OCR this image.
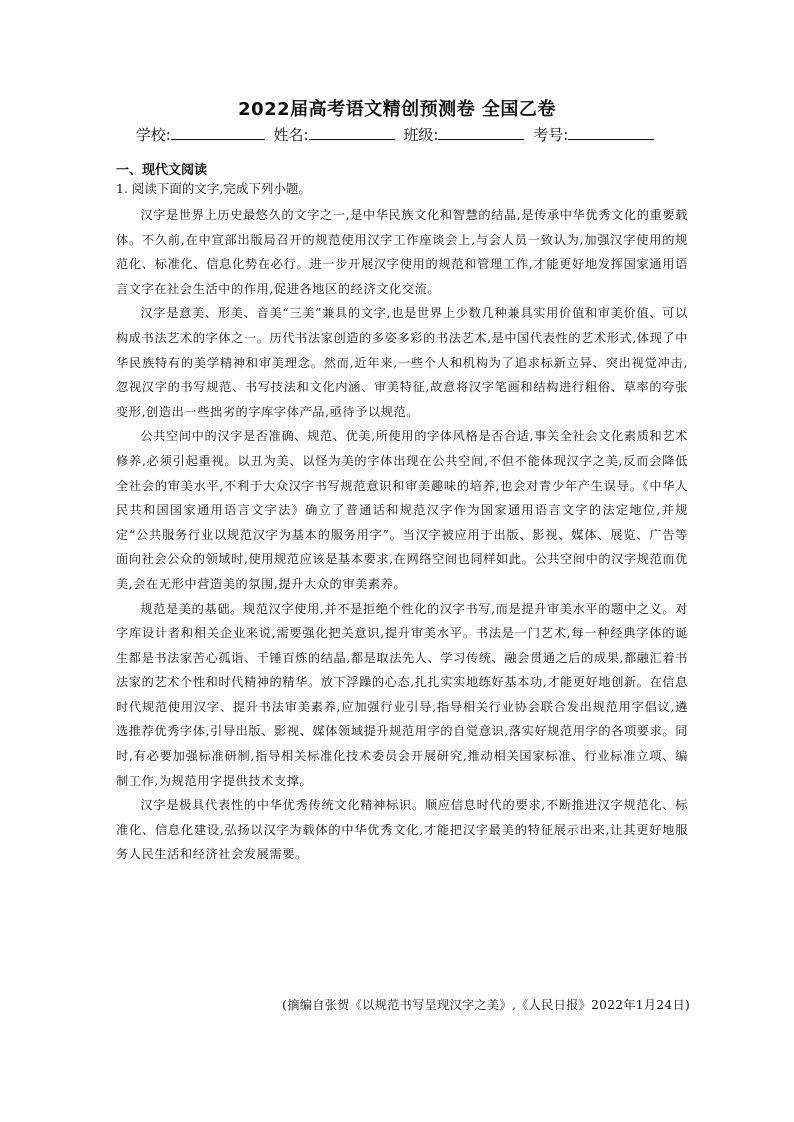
2022届高考语文精创预测卷 全国乙卷
学校:	姓名:	班级:	考号:
一、现代文阅读
1. 阅读下面的文字,完成下列小题。

汉字是世界上历史最悠久的文字之一,是中华民族文化和智慧的结晶,是传承中华优秀文化的重要载体。不久前,在中宣部出版局召开的规范使用汉字工作座谈会上,与会人员一致认为,加强汉字使用的规范化、标准化、信息化势在必行。进一步开展汉字使用的规范和管理工作,才能更好地发挥国家通用语言文字在社会生活中的作用,促进各地区的经济文化交流。

汉字是意美、形美、音美“三美”兼具的文字,也是世界上少数几种兼具实用价值和审美价值、可以构成书法艺术的字体之一。历代书法家创造的多姿多彩的书法艺术,是中国代表性的艺术形式,体现了中华民族特有的美学精神和审美理念。然而,近年来,一些个人和机构为了追求标新立异、突出视觉冲击,忽视汉字的书写规范、书写技法和文化内涵、审美特征,故意将汉字笔画和结构进行粗俗、草率的夸张变形,创造出一些拙劣的字库字体产品,亟待予以规范。

公共空间中的汉字是否准确、规范、优美,所使用的字体风格是否合适,事关全社会文化素质和艺术修养,必须引起重视。以丑为美、以怪为美的字体出现在公共空间,不但不能体现汉字之美,反而会降低全社会的审美水平,不利于大众汉字书写规范意识和审美趣味的培养,也会对青少年产生误导。《中华人民共和国国家通用语言文字法》确立了普通话和规范汉字作为国家通用语言文字的法定地位,并规定“公共服务行业以规范汉字为基本的服务用字”。当汉字被应用于出版、影视、媒体、展览、广告等面向社会公众的领域时,使用规范应该是基本要求,在网络空间也同样如此。公共空间中的汉字规范而优美,会在无形中营造美的氛围,提升大众的审美素养。

规范是美的基础。规范汉字使用,并不是拒绝个性化的汉字书写,而是提升审美水平的题中之义。对字库设计者和相关企业来说,需要强化把关意识,提升审美水平。书法是一门艺术,每一种经典字体的诞生都是书法家苦心孤诣、千锤百炼的结晶,都是取法先人、学习传统、融会贯通之后的成果,都融汇着书法家的艺术个性和时代精神的精华。放下浮躁的心态,扎扎实实地练好基本功,才能更好地创新。在信息时代规范使用汉字、提升书法审美素养,应加强行业引导,指导相关行业协会联合发出规范用字倡议,遴选推荐优秀字体,引导出版、影视、媒体领域提升规范用字的自觉意识,落实好规范用字的各项要求。同时,有必要加强标准研制,指导相关标准化技术委员会开展研究,推动相关国家标准、行业标准立项、编制工作,为规范用字提供技术支撑。

汉字是极具代表性的中华优秀传统文化精神标识。顺应信息时代的要求,不断推进汉字规范化、标准化、信息化建设,弘扬以汉字为载体的中华优秀文化,才能把汉字最美的特征展示出来,让其更好地服务人民生活和经济社会发展需要。

(摘编自张贺《以规范书写呈现汉字之美》,《人民日报》2022年1月24日)
